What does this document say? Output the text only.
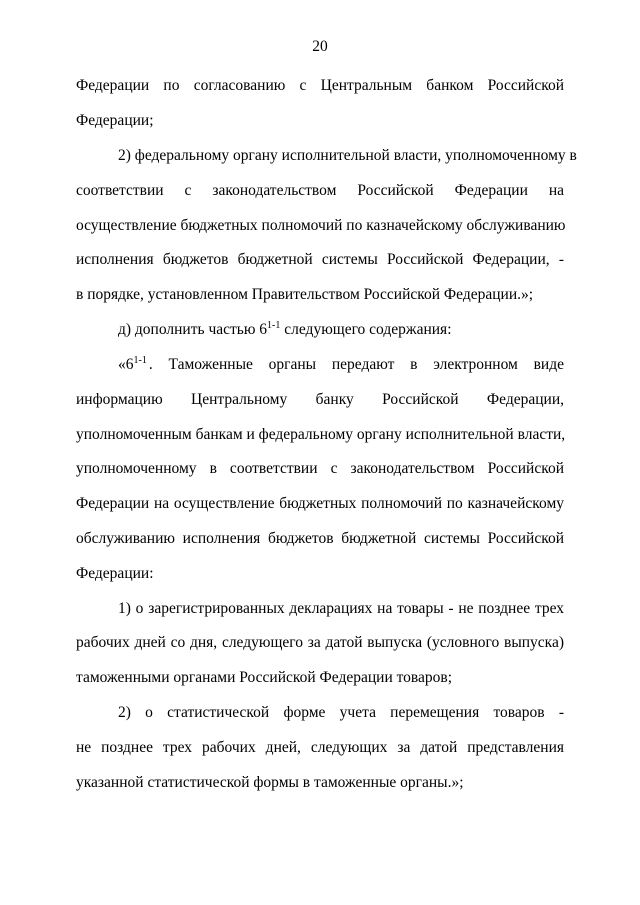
20
Федерации по согласованию с Центральным банком Российской
Федерации;
2) федеральному органу исполнительной власти, уполномоченному в
соответствии с законодательством Российской Федерации на
осуществление бюджетных полномочий по казначейскому обслуживанию
исполнения бюджетов бюджетной системы Российской Федерации, -
в порядке, установленном Правительством Российской Федерации.»;
д) дополнить частью 6$^{1-1}$ следующего содержания:
«6$^{1-1}$ . Таможенные органы передают в электронном виде
информацию Центральному банку Российской Федерации,
уполномоченным банкам и федеральному органу исполнительной власти,
уполномоченному в соответствии с законодательством Российской
Федерации на осуществление бюджетных полномочий по казначейскому
обслуживанию исполнения бюджетов бюджетной системы Российской
Федерации:
1) о зарегистрированных декларациях на товары - не позднее трех
рабочих дней со дня, следующего за датой выпуска (условного выпуска)
таможенными органами Российской Федерации товаров;
2) о статистической форме учета перемещения товаров -
не позднее трех рабочих дней, следующих за датой представления
указанной статистической формы в таможенные органы.»;
